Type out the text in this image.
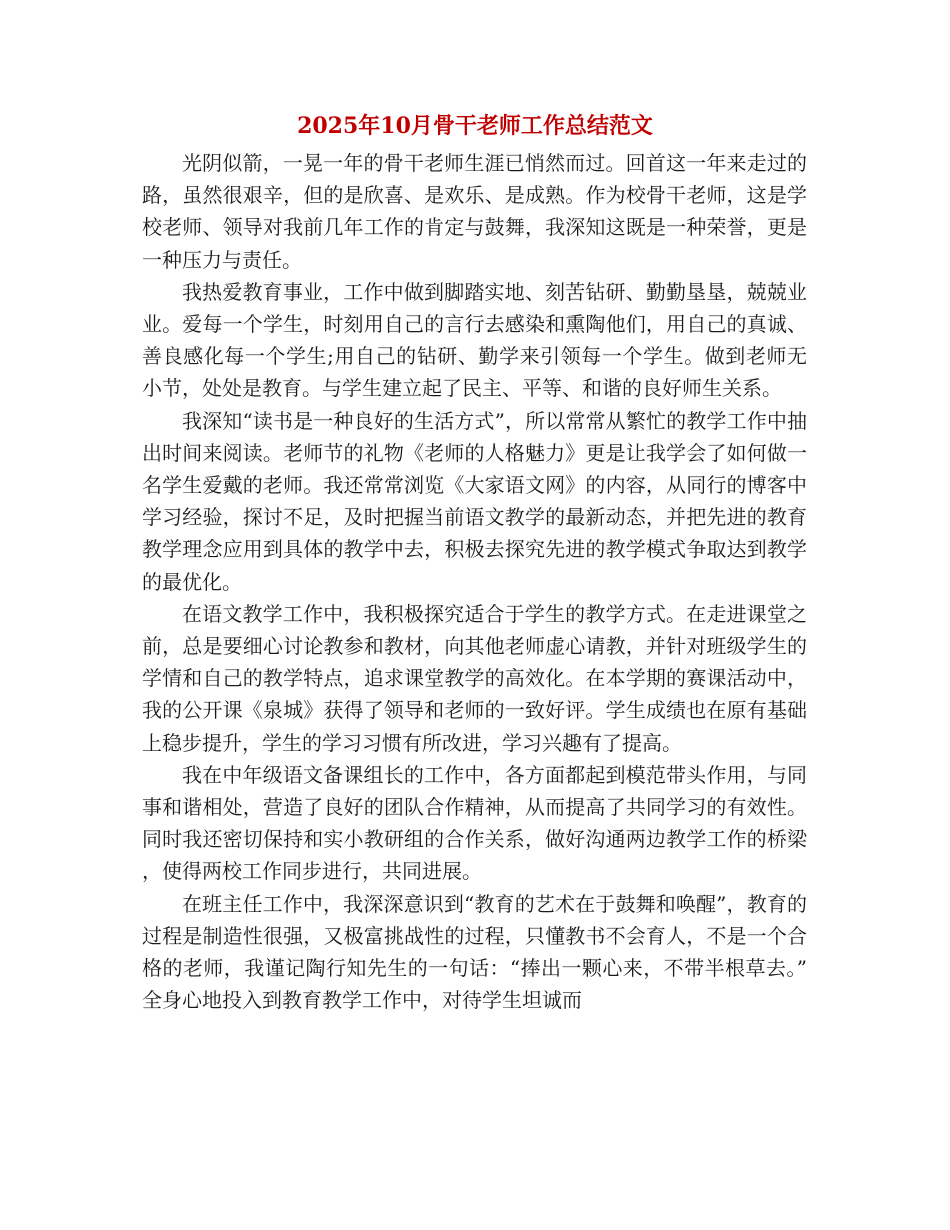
2025年10月骨干老师工作总结范文

光阴似箭，一晃一年的骨干老师生涯已悄然而过。回首这一年来走过的路，虽然很艰辛，但的是欣喜、是欢乐、是成熟。作为校骨干老师，这是学校老师、领导对我前几年工作的肯定与鼓舞，我深知这既是一种荣誉，更是一种压力与责任。

我热爱教育事业，工作中做到脚踏实地、刻苦钻研、勤勤垦垦，兢兢业业。爱每一个学生，时刻用自己的言行去感染和熏陶他们，用自己的真诚、善良感化每一个学生;用自己的钻研、勤学来引领每一个学生。做到老师无小节，处处是教育。与学生建立起了民主、平等、和谐的良好师生关系。

我深知“读书是一种良好的生活方式”，所以常常从繁忙的教学工作中抽出时间来阅读。老师节的礼物《老师的人格魅力》更是让我学会了如何做一名学生爱戴的老师。我还常常浏览《大家语文网》的内容，从同行的博客中学习经验，探讨不足，及时把握当前语文教学的最新动态，并把先进的教育教学理念应用到具体的教学中去，积极去探究先进的教学模式争取达到教学的最优化。

在语文教学工作中，我积极探究适合于学生的教学方式。在走进课堂之前，总是要细心讨论教参和教材，向其他老师虚心请教，并针对班级学生的学情和自己的教学特点，追求课堂教学的高效化。在本学期的赛课活动中，我的公开课《泉城》获得了领导和老师的一致好评。学生成绩也在原有基础上稳步提升，学生的学习习惯有所改进，学习兴趣有了提高。

我在中年级语文备课组长的工作中，各方面都起到模范带头作用，与同事和谐相处，营造了良好的团队合作精神，从而提高了共同学习的有效性。同时我还密切保持和实小教研组的合作关系，做好沟通两边教学工作的桥梁，使得两校工作同步进行，共同进展。

在班主任工作中，我深深意识到“教育的艺术在于鼓舞和唤醒”，教育的过程是制造性很强，又极富挑战性的过程，只懂教书不会育人，不是一个合格的老师，我谨记陶行知先生的一句话：“捧出一颗心来，不带半根草去。”全身心地投入到教育教学工作中，对待学生坦诚而
